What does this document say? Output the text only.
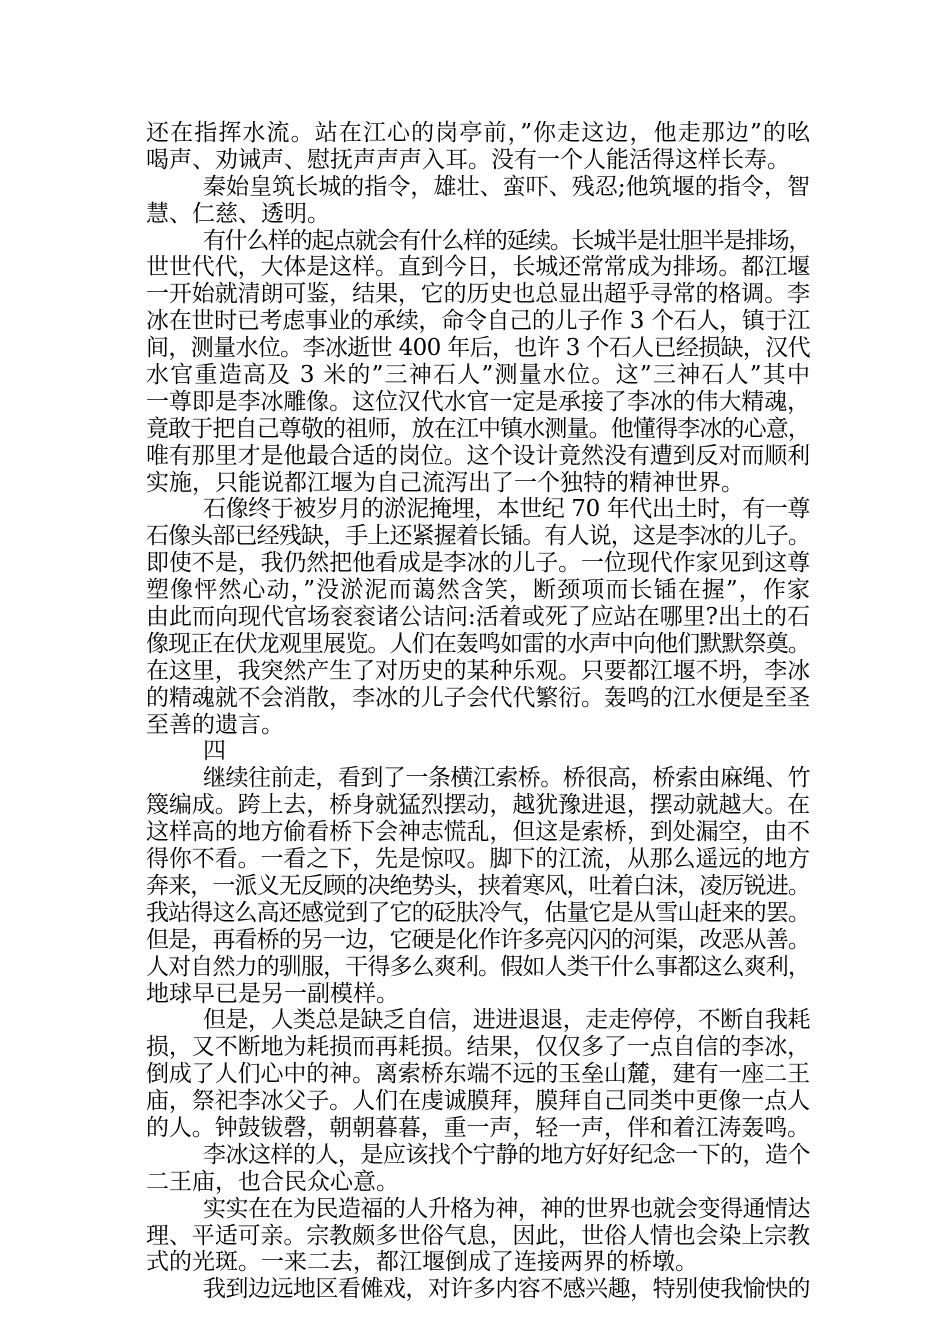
还在指挥水流。站在江心的岗亭前，”你走这边，他走那边”的吆
喝声、劝诫声、慰抚声声声入耳。没有一个人能活得这样长寿。
秦始皇筑长城的指令，雄壮、蛮吓、残忍;他筑堰的指令，智
慧、仁慈、透明。
有什么样的起点就会有什么样的延续。长城半是壮胆半是排场，
世世代代，大体是这样。直到今日，长城还常常成为排场。都江堰
一开始就清朗可鉴，结果，它的历史也总显出超乎寻常的格调。李
冰在世时已考虑事业的承续，命令自己的儿子作 3 个石人，镇于江
间，测量水位。李冰逝世 400 年后，也许 3 个石人已经损缺，汉代
水官重造高及 3 米的”三神石人”测量水位。这”三神石人”其中
一尊即是李冰雕像。这位汉代水官一定是承接了李冰的伟大精魂，
竟敢于把自己尊敬的祖师，放在江中镇水测量。他懂得李冰的心意，
唯有那里才是他最合适的岗位。这个设计竟然没有遭到反对而顺利
实施，只能说都江堰为自己流泻出了一个独特的精神世界。
石像终于被岁月的淤泥掩埋，本世纪 70 年代出土时，有一尊
石像头部已经残缺，手上还紧握着长锸。有人说，这是李冰的儿子。
即使不是，我仍然把他看成是李冰的儿子。一位现代作家见到这尊
塑像怦然心动，”没淤泥而蔼然含笑，断颈项而长锸在握”，作家
由此而向现代官场衮衮诸公诘问:活着或死了应站在哪里?出土的石
像现正在伏龙观里展览。人们在轰鸣如雷的水声中向他们默默祭奠。
在这里，我突然产生了对历史的某种乐观。只要都江堰不坍，李冰
的精魂就不会消散，李冰的儿子会代代繁衍。轰鸣的江水便是至圣
至善的遗言。
四
继续往前走，看到了一条横江索桥。桥很高，桥索由麻绳、竹
篾编成。跨上去，桥身就猛烈摆动，越犹豫进退，摆动就越大。在
这样高的地方偷看桥下会神志慌乱，但这是索桥，到处漏空，由不
得你不看。一看之下，先是惊叹。脚下的江流，从那么遥远的地方
奔来，一派义无反顾的决绝势头，挟着寒风，吐着白沫，凌厉锐进。
我站得这么高还感觉到了它的砭肤冷气，估量它是从雪山赶来的罢。
但是，再看桥的另一边，它硬是化作许多亮闪闪的河渠，改恶从善。
人对自然力的驯服，干得多么爽利。假如人类干什么事都这么爽利，
地球早已是另一副模样。
但是，人类总是缺乏自信，进进退退，走走停停，不断自我耗
损，又不断地为耗损而再耗损。结果，仅仅多了一点自信的李冰，
倒成了人们心中的神。离索桥东端不远的玉垒山麓，建有一座二王
庙，祭祀李冰父子。人们在虔诚膜拜，膜拜自己同类中更像一点人
的人。钟鼓钹磬，朝朝暮暮，重一声，轻一声，伴和着江涛轰鸣。
李冰这样的人，是应该找个宁静的地方好好纪念一下的，造个
二王庙，也合民众心意。
实实在在为民造福的人升格为神，神的世界也就会变得通情达
理、平适可亲。宗教颇多世俗气息，因此，世俗人情也会染上宗教
式的光斑。一来二去，都江堰倒成了连接两界的桥墩。
我到边远地区看傩戏，对许多内容不感兴趣，特别使我愉快的
